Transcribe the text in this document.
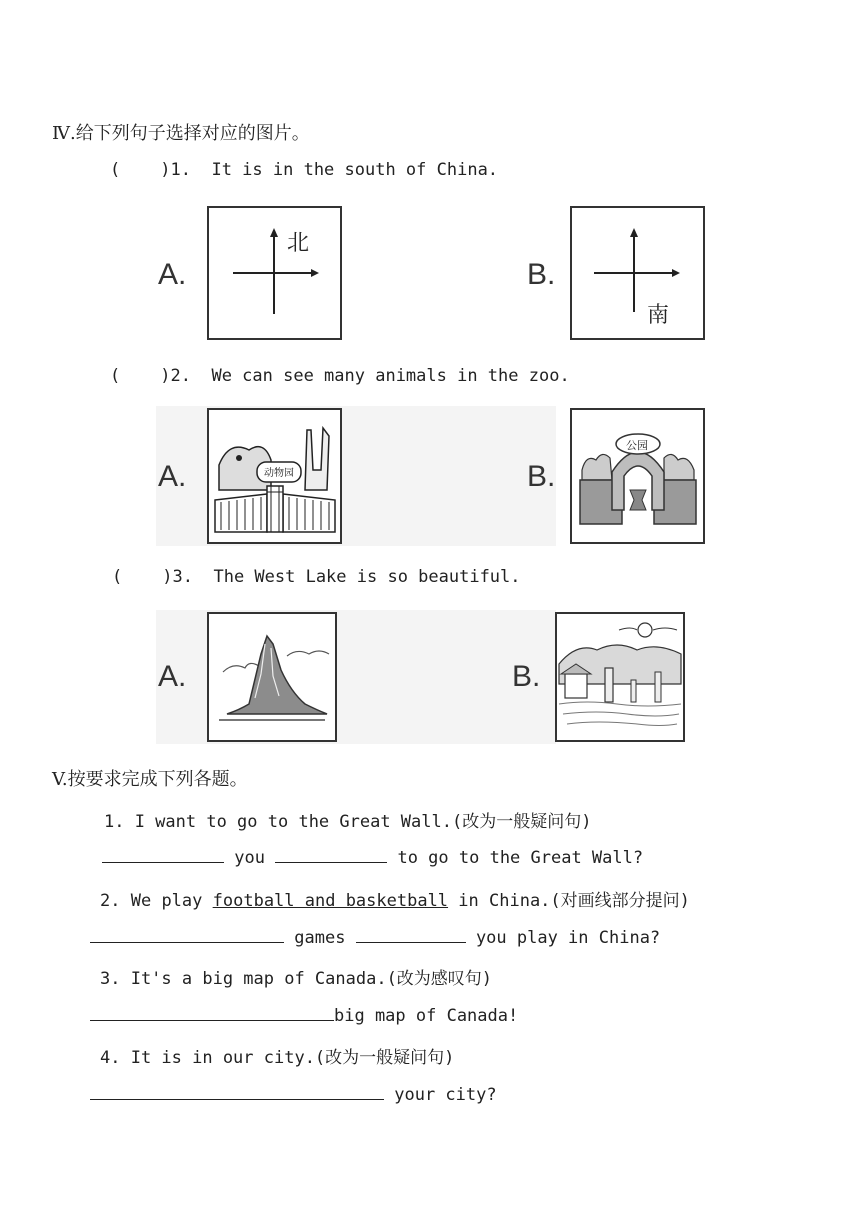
Ⅳ.给下列句子选择对应的图片。
( )1. It is in the south of China.
A.
北
B.
南
( )2. We can see many animals in the zoo.
A.	动物园	B.
公园
( )3. The West Lake is so beautiful.
A.	B.
V.按要求完成下列各题。
1. I want to go to the Great Wall.(改为一般疑问句)
you	to go to the Great Wall?
2. We play football and basketball in China.(对画线部分提问)
games	you play in China?
3. It's a big map of Canada.(改为感叹句)
big map of Canada!
4. It is in our city.(改为一般疑问句)
your city?
